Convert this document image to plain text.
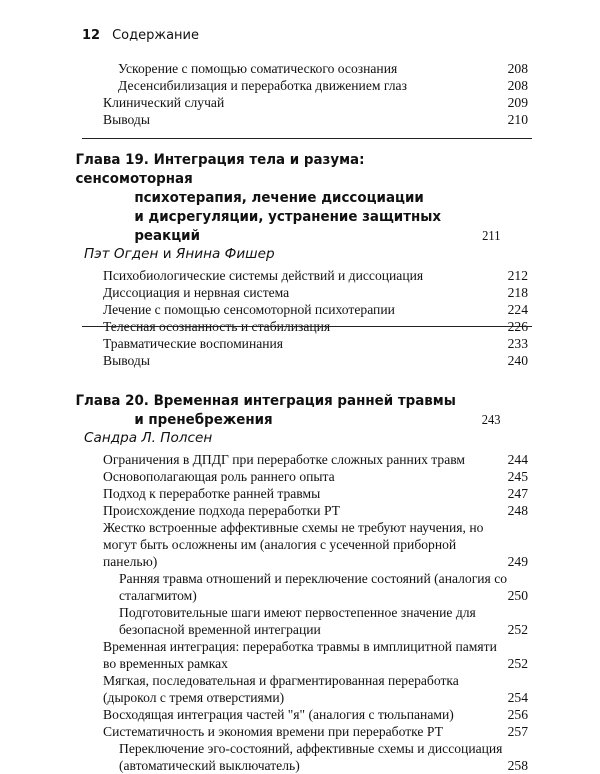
12 Содержание
Ускорение с помощью соматического осознания	208
Десенсибилизация и переработка движением глаз	208
Клинический случай	209
Выводы	210
Глава 19. Интеграция тела и разума: сенсомоторная
психотерапия, лечение диссоциации
и дисрегуляции, устранение защитных реакций	211
Пэт Огден и Янина Фишер
Психобиологические системы действий и диссоциация	212
Диссоциация и нервная система	218
Лечение с помощью сенсомоторной психотерапии	224
Телесная осознанность и стабилизация	226
Травматические воспоминания	233
Выводы	240
Глава 20. Временная интеграция ранней травмы
и пренебрежения	243
Сандра Л. Полсен
Ограничения в ДПДГ при переработке сложных ранних травм	244
Основополагающая роль раннего опыта	245
Подход к переработке ранней травмы	247
Происхождение подхода переработки РТ	248
Жестко встроенные аффективные схемы не требуют научения, но могут быть осложнены им (аналогия с усеченной приборной панелью)	249
Ранняя травма отношений и переключение состояний (аналогия со сталагмитом)	250
Подготовительные шаги имеют первостепенное значение для безопасной временной интеграции	252
Временная интеграция: переработка травмы в имплицитной памяти во временных рамках	252
Мягкая, последовательная и фрагментированная переработка (дырокол с тремя отверстиями)	254
Восходящая интеграция частей "я" (аналогия с тюльпанами)	256
Систематичность и экономия времени при переработке РТ	257
Переключение эго-состояний, аффективные схемы и диссоциация (автоматический выключатель)	258
